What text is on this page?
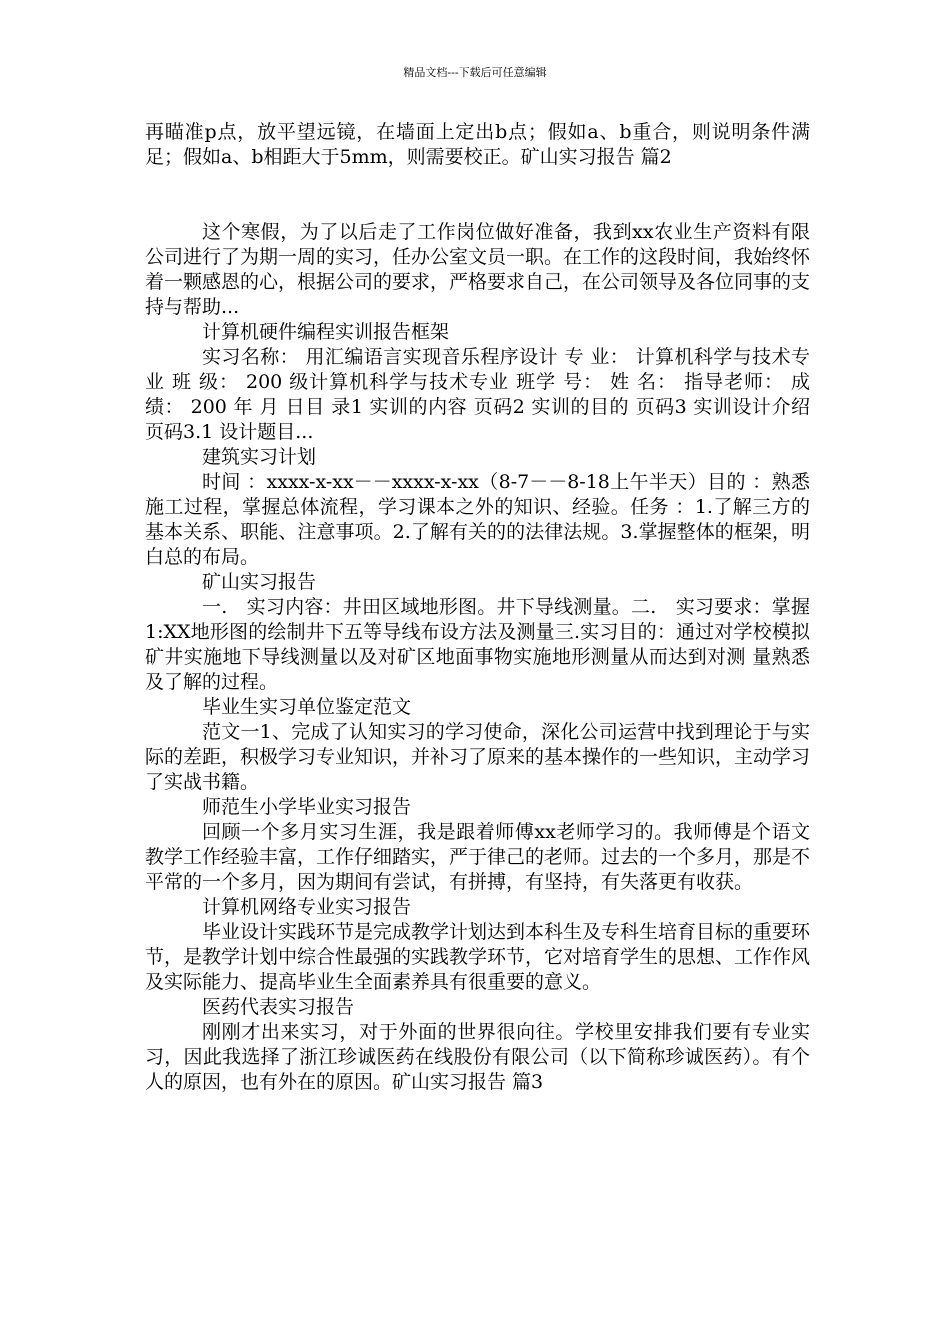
精品文档---下载后可任意编辑

再瞄准p点，放平望远镜，在墙面上定出b点；假如a、b重合，则说明条件满足；假如a、b相距大于5mm，则需要校正。矿山实习报告 篇2

这个寒假，为了以后走了工作岗位做好准备，我到xx农业生产资料有限公司进行了为期一周的实习，任办公室文员一职。在工作的这段时间，我始终怀着一颗感恩的心，根据公司的要求，严格要求自己，在公司领导及各位同事的支持与帮助...

计算机硬件编程实训报告框架

实习名称： 用汇编语言实现音乐程序设计 专 业： 计算机科学与技术专业 班 级： 200 级计算机科学与技术专业 班学 号： 姓 名： 指导老师： 成 绩： 200 年 月 日目 录1 实训的内容 页码2 实训的目的 页码3 实训设计介绍 页码3.1 设计题目...

建筑实习计划

时间 ：xxxx-x-xx－－xxxx-x-xx（8-7－－8-18上午半天）目的 ：熟悉施工过程，掌握总体流程，学习课本之外的知识、经验。任务 ：1.了解三方的基本关系、职能、注意事项。2.了解有关的的法律法规。3.掌握整体的框架，明白总的布局。

矿山实习报告

一.　实习内容：井田区域地形图。井下导线测量。二.　实习要求：掌握1:XX地形图的绘制井下五等导线布设方法及测量三.实习目的：通过对学校模拟矿井实施地下导线测量以及对矿区地面事物实施地形测量从而达到对测 量熟悉及了解的过程。

毕业生实习单位鉴定范文

范文一1、完成了认知实习的学习使命，深化公司运营中找到理论于与实际的差距，积极学习专业知识，并补习了原来的基本操作的一些知识，主动学习了实战书籍。

师范生小学毕业实习报告

回顾一个多月实习生涯，我是跟着师傅xx老师学习的。我师傅是个语文教学工作经验丰富，工作仔细踏实，严于律己的老师。过去的一个多月，那是不平常的一个多月，因为期间有尝试，有拼搏，有坚持，有失落更有收获。

计算机网络专业实习报告

毕业设计实践环节是完成教学计划达到本科生及专科生培育目标的重要环节，是教学计划中综合性最强的实践教学环节，它对培育学生的思想、工作作风及实际能力、提高毕业生全面素养具有很重要的意义。

医药代表实习报告

刚刚才出来实习，对于外面的世界很向往。学校里安排我们要有专业实习，因此我选择了浙江珍诚医药在线股份有限公司（以下简称珍诚医药）。有个人的原因，也有外在的原因。矿山实习报告 篇3
